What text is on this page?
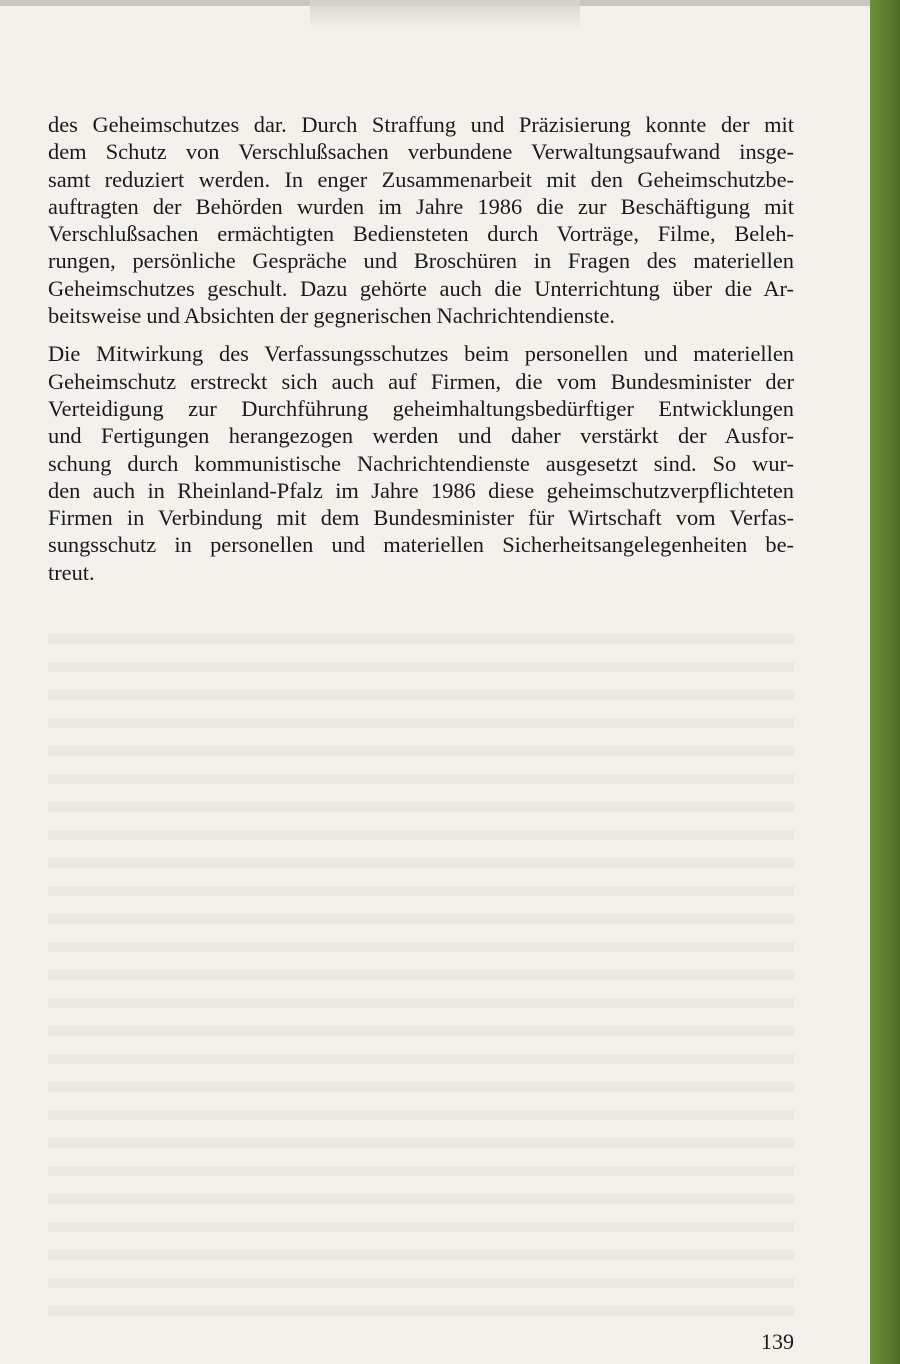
des Geheimschutzes dar. Durch Straffung und Präzisierung konnte der mit
dem Schutz von Verschlußsachen verbundene Verwaltungsaufwand insge-
samt reduziert werden. In enger Zusammenarbeit mit den Geheimschutzbe-
auftragten der Behörden wurden im Jahre 1986 die zur Beschäftigung mit
Verschlußsachen ermächtigten Bediensteten durch Vorträge, Filme, Beleh-
rungen, persönliche Gespräche und Broschüren in Fragen des materiellen
Geheimschutzes geschult. Dazu gehörte auch die Unterrichtung über die Ar-
beitsweise und Absichten der gegnerischen Nachrichtendienste.

Die Mitwirkung des Verfassungsschutzes beim personellen und materiellen
Geheimschutz erstreckt sich auch auf Firmen, die vom Bundesminister der
Verteidigung zur Durchführung geheimhaltungsbedürftiger Entwicklungen
und Fertigungen herangezogen werden und daher verstärkt der Ausfor-
schung durch kommunistische Nachrichtendienste ausgesetzt sind. So wur-
den auch in Rheinland-Pfalz im Jahre 1986 diese geheimschutzverpflichteten
Firmen in Verbindung mit dem Bundesminister für Wirtschaft vom Verfas-
sungsschutz in personellen und materiellen Sicherheitsangelegenheiten be-
treut.

139
